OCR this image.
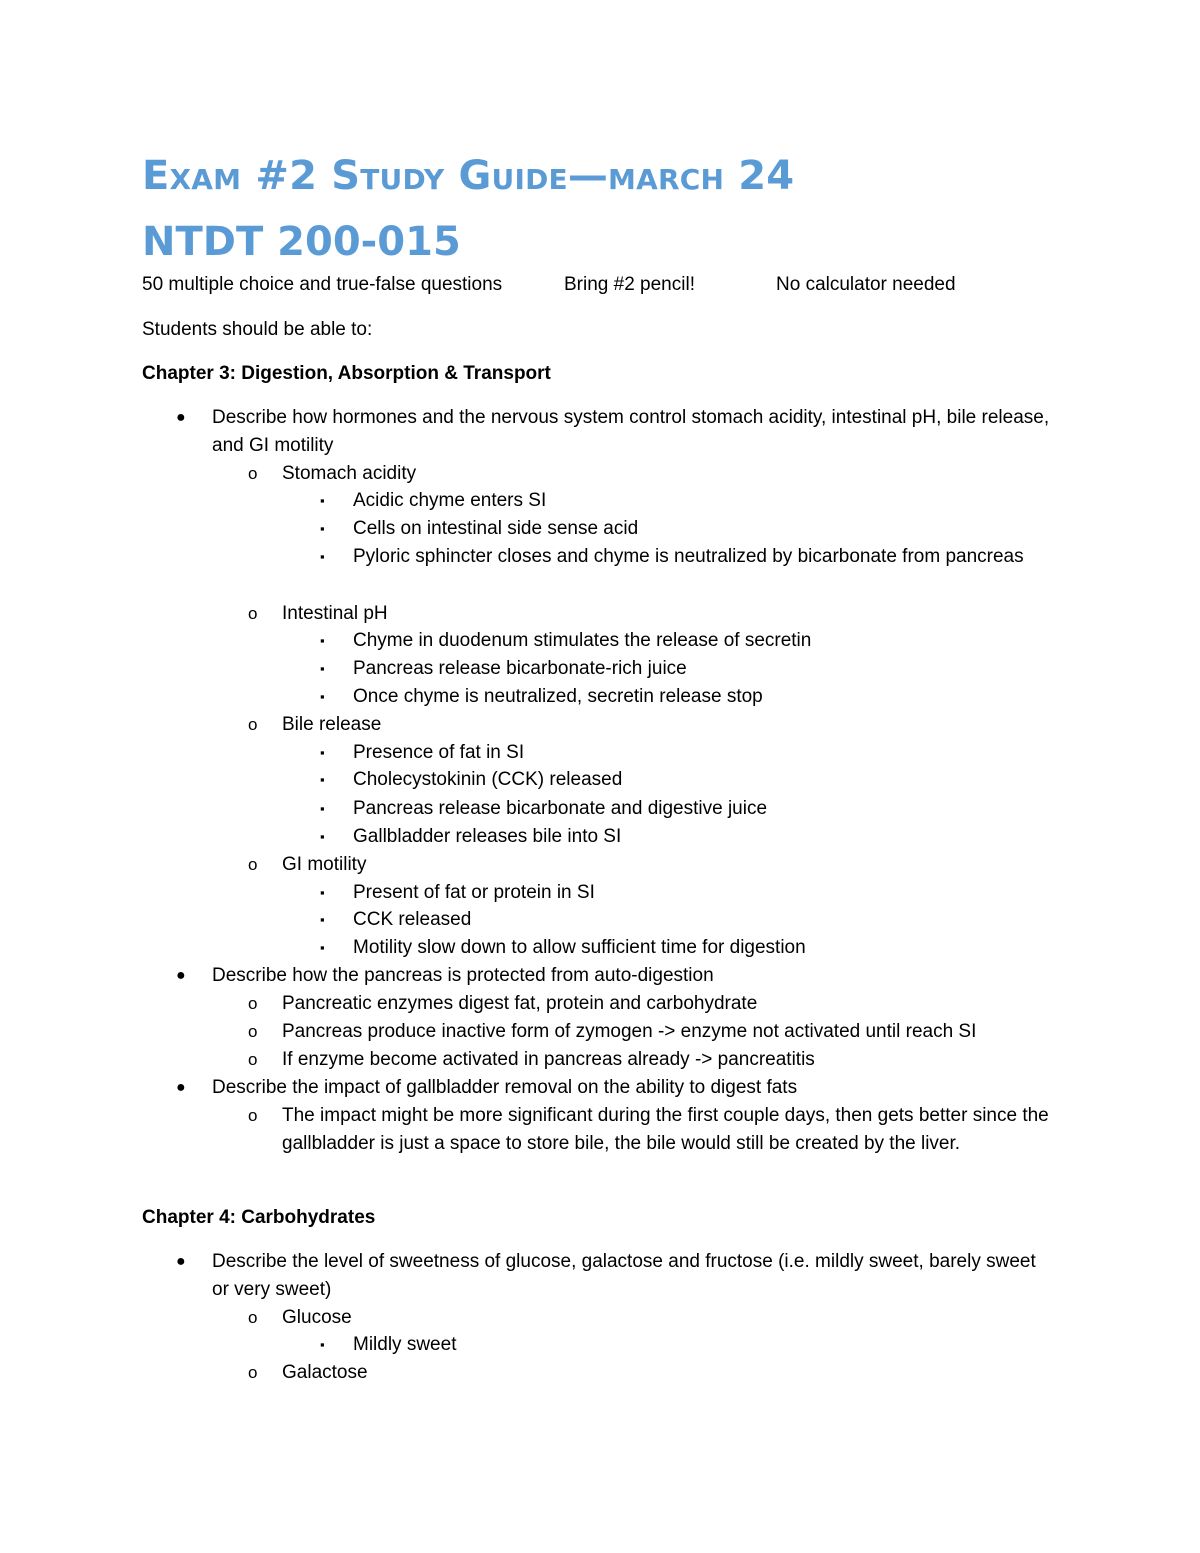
Exam #2 Study Guide—march 24
NTDT 200-015
50 multiple choice and true-false questions	Bring #2 pencil!	No calculator needed
Students should be able to:
Chapter 3: Digestion, Absorption & Transport
● Describe how hormones and the nervous system control stomach acidity, intestinal pH, bile release, and GI motility
o Stomach acidity
▪ Acidic chyme enters SI
▪ Cells on intestinal side sense acid
▪ Pyloric sphincter closes and chyme is neutralized by bicarbonate from pancreas
o Intestinal pH
▪ Chyme in duodenum stimulates the release of secretin
▪ Pancreas release bicarbonate-rich juice
▪ Once chyme is neutralized, secretin release stop
o Bile release
▪ Presence of fat in SI
▪ Cholecystokinin (CCK) released
▪ Pancreas release bicarbonate and digestive juice
▪ Gallbladder releases bile into SI
o GI motility
▪ Present of fat or protein in SI
▪ CCK released
▪ Motility slow down to allow sufficient time for digestion
● Describe how the pancreas is protected from auto-digestion
o Pancreatic enzymes digest fat, protein and carbohydrate
o Pancreas produce inactive form of zymogen -> enzyme not activated until reach SI
o If enzyme become activated in pancreas already -> pancreatitis
● Describe the impact of gallbladder removal on the ability to digest fats
o The impact might be more significant during the first couple days, then gets better since the gallbladder is just a space to store bile, the bile would still be created by the liver.
Chapter 4: Carbohydrates
● Describe the level of sweetness of glucose, galactose and fructose (i.e. mildly sweet, barely sweet or very sweet)
o Glucose
▪ Mildly sweet
o Galactose
